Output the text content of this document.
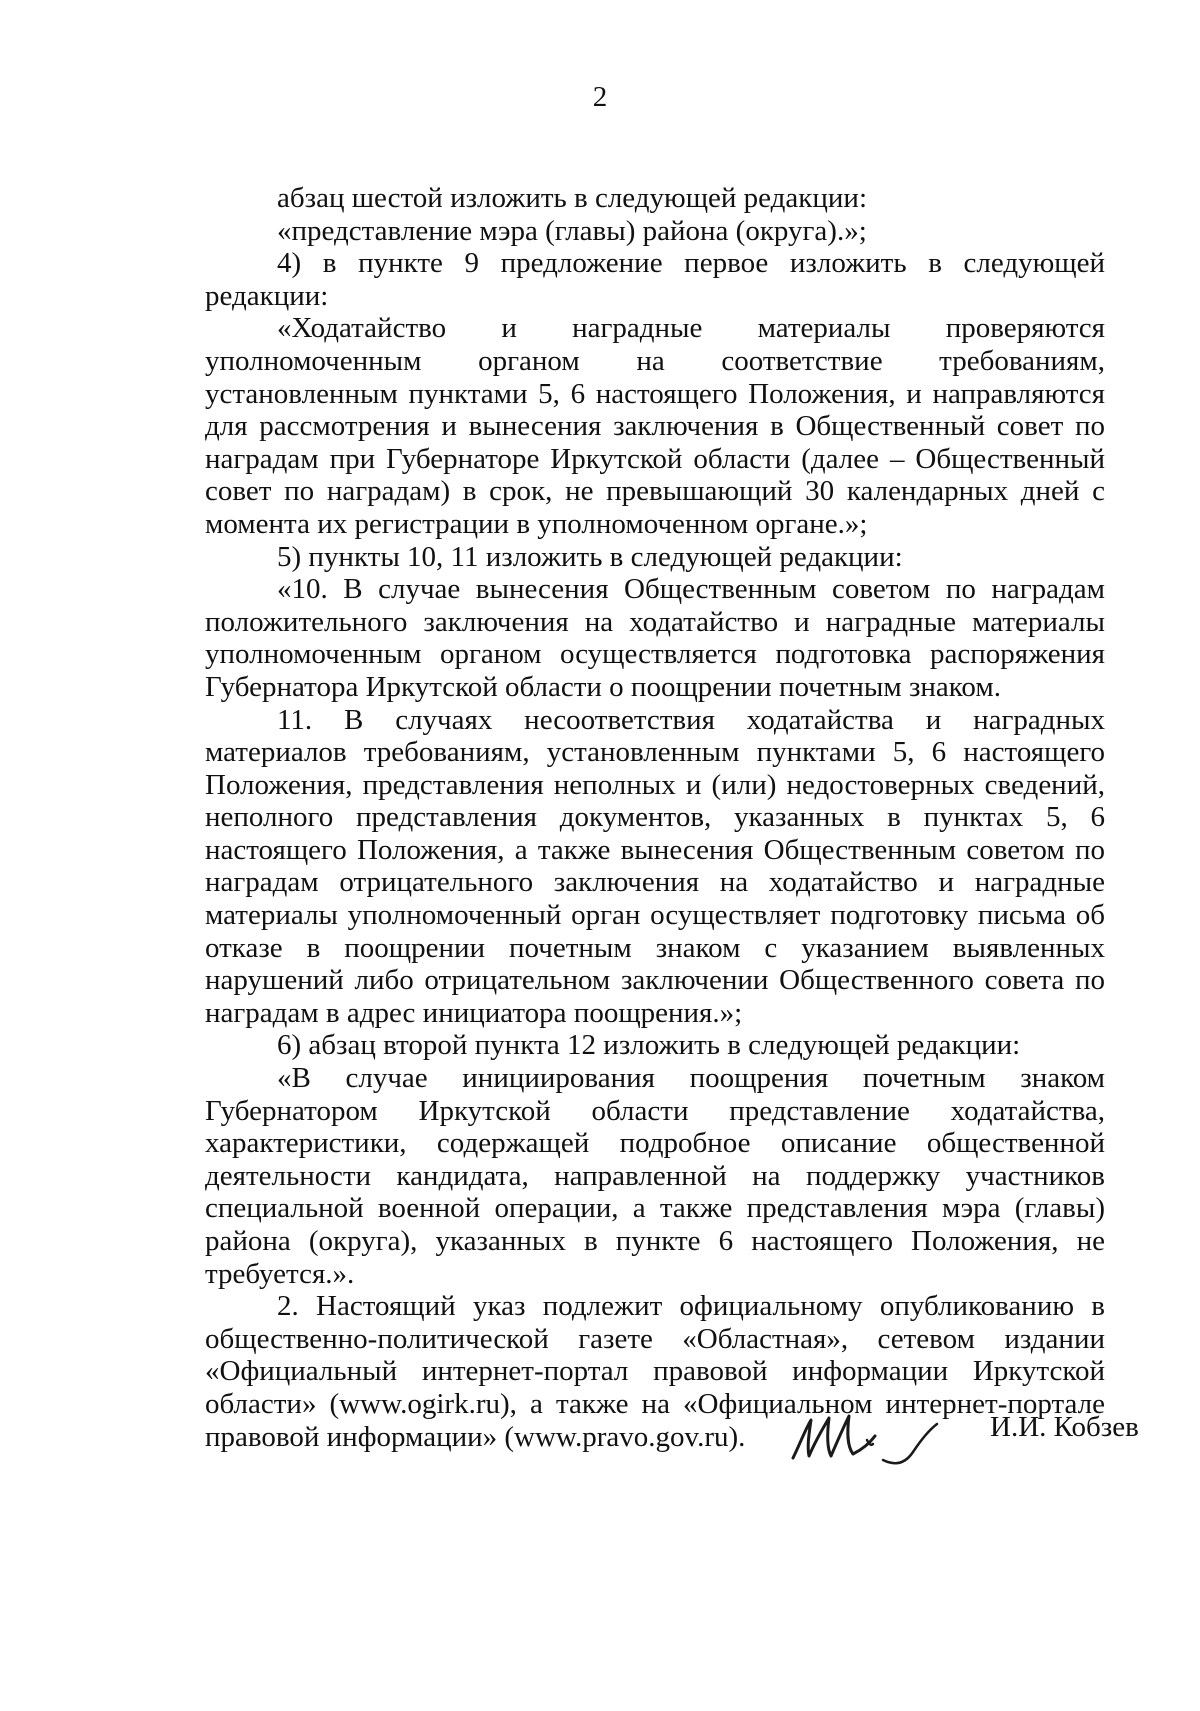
2

абзац шестой изложить в следующей редакции:

«представление мэра (главы) района (округа).»;

4) в пункте 9 предложение первое изложить в следующей редакции:

«Ходатайство и наградные материалы проверяются уполномоченным органом на соответствие требованиям, установленным пунктами 5, 6 настоящего Положения, и направляются для рассмотрения и вынесения заключения в Общественный совет по наградам при Губернаторе Иркутской области (далее – Общественный совет по наградам) в срок, не превышающий 30 календарных дней с момента их регистрации в уполномоченном органе.»;

5) пункты 10, 11 изложить в следующей редакции:

«10. В случае вынесения Общественным советом по наградам положительного заключения на ходатайство и наградные материалы уполномоченным органом осуществляется подготовка распоряжения Губернатора Иркутской области о поощрении почетным знаком.

11. В случаях несоответствия ходатайства и наградных материалов требованиям, установленным пунктами 5, 6 настоящего Положения, представления неполных и (или) недостоверных сведений, неполного представления документов, указанных в пунктах 5, 6 настоящего Положения, а также вынесения Общественным советом по наградам отрицательного заключения на ходатайство и наградные материалы уполномоченный орган осуществляет подготовку письма об отказе в поощрении почетным знаком с указанием выявленных нарушений либо отрицательном заключении Общественного совета по наградам в адрес инициатора поощрения.»;

6) абзац второй пункта 12 изложить в следующей редакции:

«В случае инициирования поощрения почетным знаком Губернатором Иркутской области представление ходатайства, характеристики, содержащей подробное описание общественной деятельности кандидата, направленной на поддержку участников специальной военной операции, а также представления мэра (главы) района (округа), указанных в пункте 6 настоящего Положения, не требуется.».

2. Настоящий указ подлежит официальному опубликованию в общественно-политической газете «Областная», сетевом издании «Официальный интернет-портал правовой информации Иркутской области» (www.ogirk.ru), а также на «Официальном интернет-портале правовой информации» (www.pravo.gov.ru).	И.И. Кобзев
